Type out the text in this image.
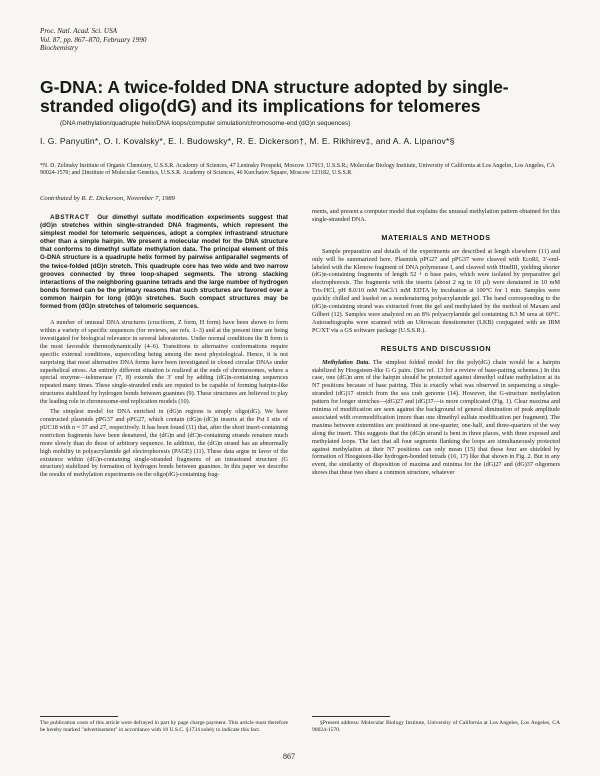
Proc. Natl. Acad. Sci. USA
Vol. 87, pp. 867–870, February 1990
Biochemistry
G-DNA: A twice-folded DNA structure adopted by single-stranded oligo(dG) and its implications for telomeres
(DNA methylation/quadruple helix/DNA loops/computer simulation/chromosome-end (dG)n sequences)
I. G. Panyutin*, O. I. Kovalsky*, E. I. Budowsky*, R. E. Dickerson†, M. E. Rikhirev‡, and A. A. Lipanov*§
*N. D. Zelinsky Institute of Organic Chemistry, U.S.S.R. Academy of Sciences, 47 Leninsky Prospekt, Moscow 117913, U.S.S.R.; Molecular Biology Institute, University of California at Los Angeles, Los Angeles, CA 90024-1570; and ‡Institute of Molecular Genetics, U.S.S.R. Academy of Sciences, 46 Kurchatov Square, Moscow 123182, U.S.S.R.
Contributed by R. E. Dickerson, November 7, 1989
ABSTRACT Our dimethyl sulfate modification experiments suggest that (dG)n stretches within single-stranded DNA fragments, which represent the simplest model for telomeric sequences, adopt a complex infrastrand structure other than a simple hairpin. We present a molecular model for the DNA structure that conforms to dimethyl sulfate methylation data. The principal element of this G-DNA structure is a quadruple helix formed by pairwise antiparallel segments of the twice-folded (dG)n stretch. This quadruple core has two wide and two narrow grooves connected by three loop-shaped segments. The strong stacking interactions of the neighboring guanine tetrads and the large number of hydrogen bonds formed can be the primary reasons that such structures are favored over a common hairpin for long (dG)n stretches. Such compact structures may be formed from (dG)n stretches of telomeric sequences.

A number of unusual DNA structures (cruciform, Z form, H form) have been shown to form within a variety of specific sequences (for reviews, see refs. 1–3) and at the present time are being investigated for biological relevance in several laboratories. Under normal conditions the B form is the most favorable thermodynamically (4–6). Transitions to alternative conformations require specific external conditions, supercoiling being among the most physiological. Hence, it is not surprising that most alternative DNA forms have been investigated in closed circular DNAs under superhelical stress. An entirely different situation is realized at the ends of chromosomes, where a special enzyme—telomerase (7, 8) extends the 3′ end by adding (dG)n-containing sequences repeated many times. These single-stranded ends are reputed to be capable of forming hairpin-like structures stabilized by hydrogen bonds between guanines (9). These structures are believed to play the leading role in chromosome-end replication models (10).

The simplest model for DNA enriched in (dG)n regions is simply oligo(dG). We have constructed plasmids pPG37 and pPG27, which contain (dG)n·(dC)n inserts at the Pst I site of pUC18 with n = 37 and 27, respectively. It has been found (11) that, after the short insert-containing restriction fragments have been denatured, the (dG)n and (dC)n-containing strands renature much more slowly than do those of arbitrary sequence. In addition, the (dG)n strand has an abnormally high mobility in polyacrylamide gel electrophoresis (PAGE) (11). These data argue in favor of the existence within (dG)n-containing single-stranded fragments of an intrastrand structure (G structure) stabilized by formation of hydrogen bonds between guanines. In this paper we describe the results of methylation experiments on the oligo(dG)-containing frag-

ments, and present a computer model that explains the unusual methylation pattern obtained for this single-stranded DNA.

MATERIALS AND METHODS

Sample preparation and details of the experiments are described at length elsewhere (11) and only will be summarized here. Plasmids pPG27 and pPG37 were cleaved with EcoRI, 3′-end-labeled with the Klenow fragment of DNA polymerase I, and cleaved with HindIII, yielding shorter (dG)n-containing fragments of length 52 + n base pairs, which were isolated by preparative gel electrophoresis. The fragments with the inserts (about 2 ng in 10 µl) were denatured in 10 mM Tris·HCl, pH 8.0/10 mM NaCl/1 mM EDTA by incubation at 100°C for 1 min. Samples were quickly chilled and loaded on a nondenaturing polyacrylamide gel. The band corresponding to the (dG)n-containing strand was extracted from the gel and methylated by the method of Maxam and Gilbert (12). Samples were analyzed on an 8% polyacrylamide gel containing 8.3 M urea at 60°C. Autoradiographs were scanned with an Ultroscan densitometer (LKB) conjugated with an IBM PC/XT via a GS software package (U.S.S.R.).

RESULTS AND DISCUSSION

Methylation Data. The simplest folded model for the poly(dG) chain would be a hairpin stabilized by Hoogsteen-like G·G pairs. (See ref. 13 for a review of base-pairing schemes.) In this case, one (dG)n arm of the hairpin should be protected against dimethyl sulfate methylation at its N7 positions because of base pairing. This is exactly what was observed in sequencing a single-stranded (dG)17 stretch from the sea crab genome (14). However, the G-structure methylation pattern for longer stretches—(dG)27 and (dG)37—is more complicated (Fig. 1). Clear maxima and minima of modification are seen against the background of general diminution of peak amplitude associated with overmodification (more than one dimethyl sulfate modification per fragment). The maxima between extremities are positioned at one-quarter, one-half, and three-quarters of the way along the insert. This suggests that the (dG)n strand is bent in three places, with three exposed and methylated loops. The fact that all four segments flanking the loops are simultaneously protected against methylation at their N7 positions can only mean (15) that these four are shielded by formation of Hoogsteen-like hydrogen-bonded tetrads (16, 17) like that shown in Fig. 2. But in any event, the similarity of disposition of maxima and minima for the (dG)27 and (dG)37 oligomers shows that these two share a common structure, whatever

The publication costs of this article were defrayed in part by page charge payment. This article must therefore be hereby marked "advertisement" in accordance with 18 U.S.C. §1734 solely to indicate this fact.
§Present address: Molecular Biology Institute, University of California at Los Angeles, Los Angeles, CA 90024-1570.
867
